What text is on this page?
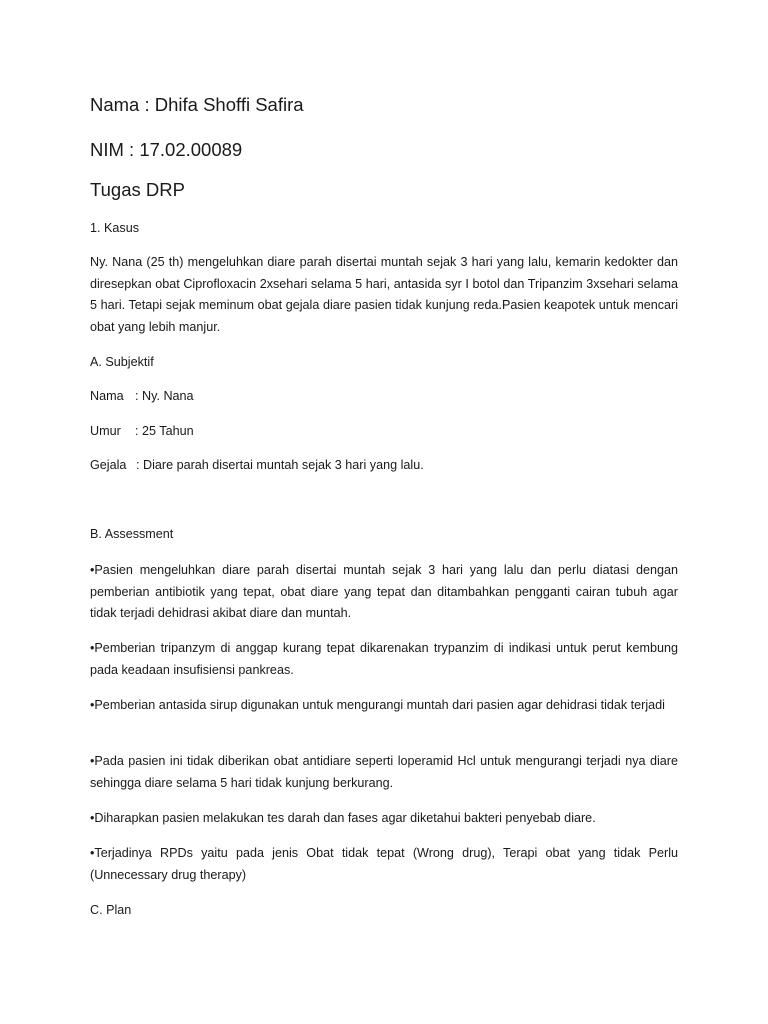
Nama : Dhifa Shoffi Safira
NIM : 17.02.00089
Tugas DRP
1. Kasus
Ny. Nana (25 th) mengeluhkan diare parah disertai muntah sejak 3 hari yang lalu, kemarin kedokter dan diresepkan obat Ciprofloxacin 2xsehari selama 5 hari, antasida syr I botol dan Tripanzim 3xsehari selama 5 hari. Tetapi sejak meminum obat gejala diare pasien tidak kunjung reda.Pasien keapotek untuk mencari obat yang lebih manjur.
A. Subjektif
Nama : Ny. Nana
Umur : 25 Tahun
Gejala : Diare parah disertai muntah sejak 3 hari yang lalu.
B. Assessment
•Pasien mengeluhkan diare parah disertai muntah sejak 3 hari yang lalu dan perlu diatasi dengan pemberian antibiotik yang tepat, obat diare yang tepat dan ditambahkan pengganti cairan tubuh agar tidak terjadi dehidrasi akibat diare dan muntah.
•Pemberian tripanzym di anggap kurang tepat dikarenakan trypanzim di indikasi untuk perut kembung pada keadaan insufisiensi pankreas.
•Pemberian antasida sirup digunakan untuk mengurangi muntah dari pasien agar dehidrasi tidak terjadi
•Pada pasien ini tidak diberikan obat antidiare seperti loperamid Hcl untuk mengurangi terjadi nya diare sehingga diare selama 5 hari tidak kunjung berkurang.
•Diharapkan pasien melakukan tes darah dan fases agar diketahui bakteri penyebab diare.
•Terjadinya RPDs yaitu pada jenis Obat tidak tepat (Wrong drug), Terapi obat yang tidak Perlu (Unnecessary drug therapy)
C. Plan
